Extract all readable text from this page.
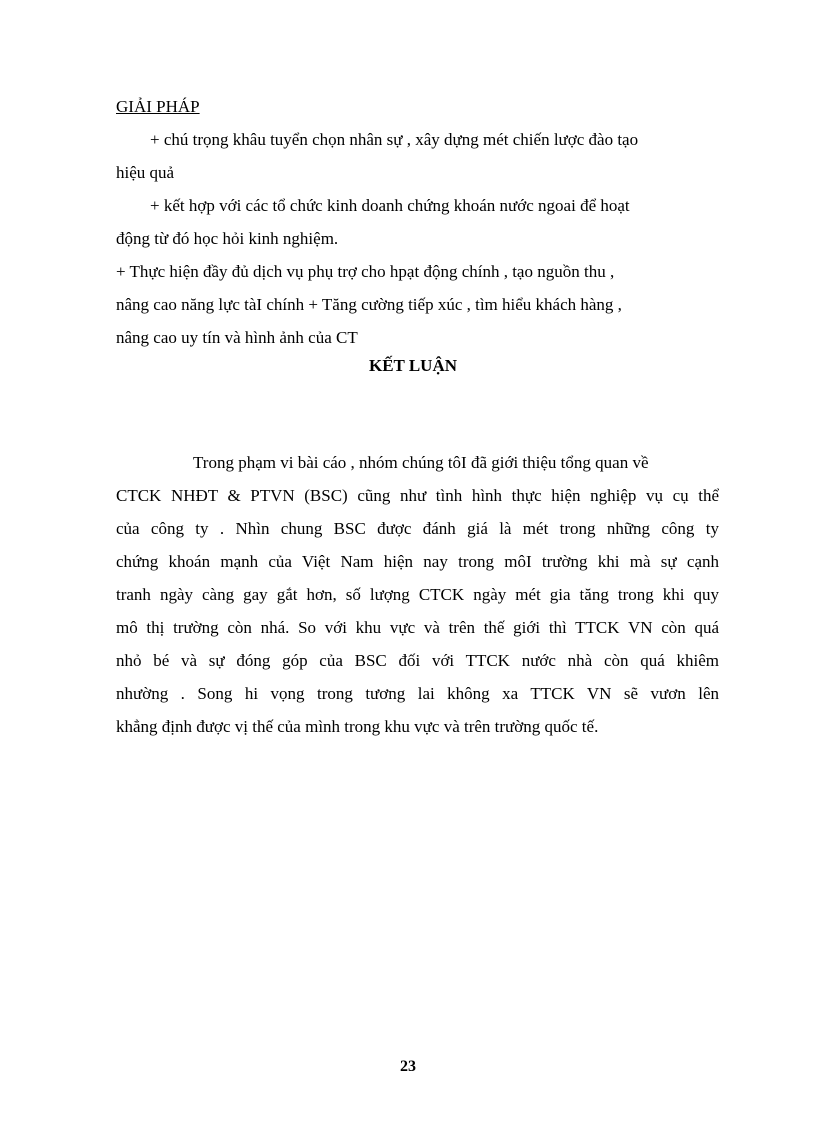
GIẢI PHÁP
+ chú trọng khâu tuyển chọn nhân sự , xây dựng mét chiến lược đào tạo
hiệu quả
+ kết hợp với các tổ chức kinh doanh chứng khoán nước ngoai để hoạt
động từ đó học hỏi kinh nghiệm.
+ Thực hiện đầy đủ dịch vụ phụ trợ cho hpạt động chính , tạo nguồn thu ,
nâng cao năng lực tàI chính + Tăng cường tiếp xúc , tìm hiểu khách hàng ,
nâng cao uy tín và hình ảnh của CT
KẾT LUẬN
Trong phạm vi bài cáo , nhóm chúng tôI đã giới thiệu tổng quan về
CTCK NHĐT & PTVN (BSC) cũng như tình hình thực hiện nghiệp vụ cụ thể
của công ty . Nhìn chung BSC được đánh giá là mét trong những công ty
chứng khoán mạnh của Việt Nam hiện nay trong môI trường khi mà sự cạnh
tranh ngày càng gay gắt hơn, số lượng CTCK ngày mét gia tăng trong khi quy
mô thị trường còn nhá. So với khu vực và trên thế giới thì TTCK VN còn quá
nhỏ bé và sự đóng góp của BSC đối với TTCK nước nhà còn quá khiêm
nhường . Song hi vọng trong tương lai không xa TTCK VN sẽ vươn lên
khẳng định được vị thế của mình trong khu vực và trên trường quốc tế.
23
